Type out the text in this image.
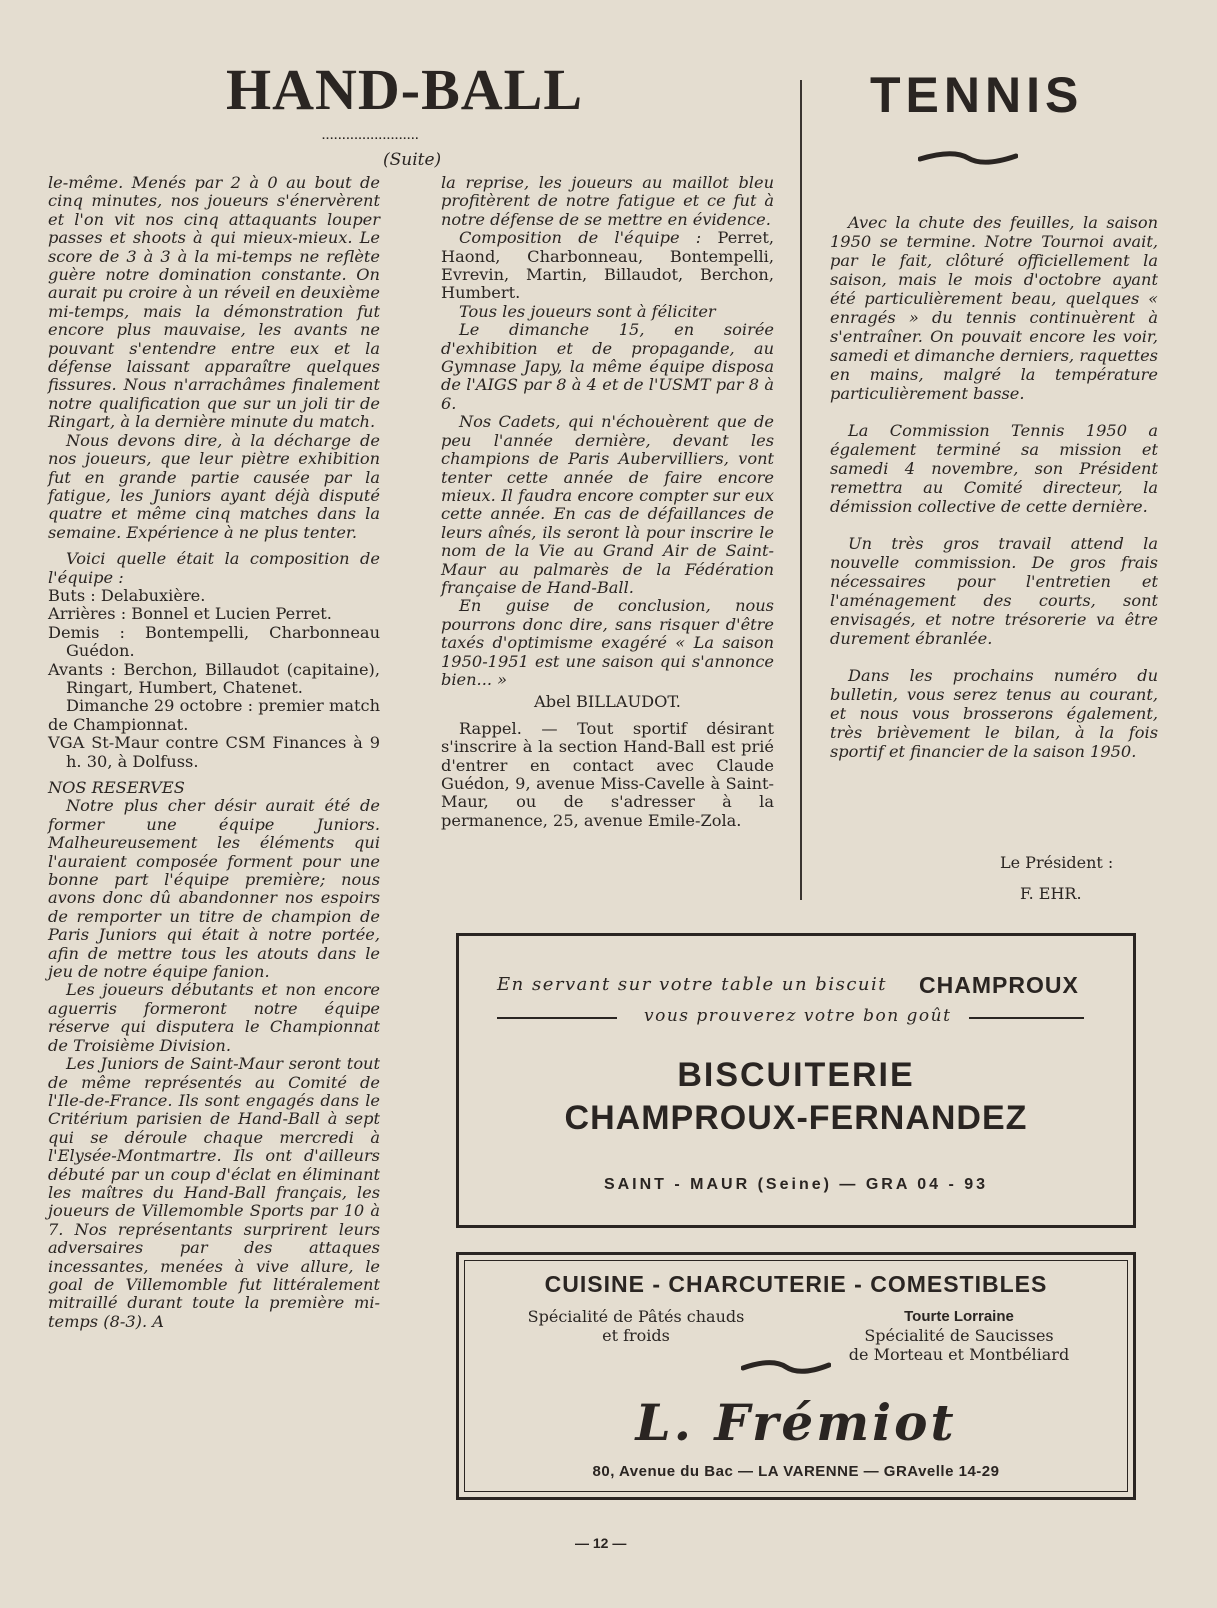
HAND-BALL
........................
(Suite)
TENNIS

le-même. Menés par 2 à 0 au bout de cinq minutes, nos joueurs s'énervèrent et l'on vit nos cinq attaquants louper passes et shoots à qui mieux-mieux. Le score de 3 à 3 à la mi-temps ne reflète guère notre domination constante. On aurait pu croire à un réveil en deuxième mi-temps, mais la démonstration fut encore plus mauvaise, les avants ne pouvant s'entendre entre eux et la défense laissant apparaître quelques fissures. Nous n'arrachâmes finalement notre qualification que sur un joli tir de Ringart, à la dernière minute du match.

Nous devons dire, à la décharge de nos joueurs, que leur piètre exhibition fut en grande partie causée par la fatigue, les Juniors ayant déjà disputé quatre et même cinq matches dans la semaine. Expérience à ne plus tenter.

Voici quelle était la composition de l'équipe :

Buts : Delabuxière.

Arrières : Bonnel et Lucien Perret.

Demis : Bontempelli, Charbonneau Guédon.

Avants : Berchon, Billaudot (capitaine), Ringart, Humbert, Chatenet.

Dimanche 29 octobre : premier match de Championnat.

VGA St-Maur contre CSM Finances à 9 h. 30, à Dolfuss.

NOS RESERVES

Notre plus cher désir aurait été de former une équipe Juniors. Malheureusement les éléments qui l'auraient composée forment pour une bonne part l'équipe première; nous avons donc dû abandonner nos espoirs de remporter un titre de champion de Paris Juniors qui était à notre portée, afin de mettre tous les atouts dans le jeu de notre équipe fanion.

Les joueurs débutants et non encore aguerris formeront notre équipe réserve qui disputera le Championnat de Troisième Division.

Les Juniors de Saint-Maur seront tout de même représentés au Comité de l'Ile-de-France. Ils sont engagés dans le Critérium parisien de Hand-Ball à sept qui se déroule chaque mercredi à l'Elysée-Montmartre. Ils ont d'ailleurs débuté par un coup d'éclat en éliminant les maîtres du Hand-Ball français, les joueurs de Villemomble Sports par 10 à 7. Nos représentants surprirent leurs adversaires par des attaques incessantes, menées à vive allure, le goal de Villemomble fut littéralement mitraillé durant toute la première mi-temps (8-3). A

la reprise, les joueurs au maillot bleu profitèrent de notre fatigue et ce fut à notre défense de se mettre en évidence.

Composition de l'équipe : Perret, Haond, Charbonneau, Bontempelli, Evrevin, Martin, Billaudot, Berchon, Humbert.

Tous les joueurs sont à féliciter

Le dimanche 15, en soirée d'exhibition et de propagande, au Gymnase Japy, la même équipe disposa de l'AIGS par 8 à 4 et de l'USMT par 8 à 6.

Nos Cadets, qui n'échouèrent que de peu l'année dernière, devant les champions de Paris Aubervilliers, vont tenter cette année de faire encore mieux. Il faudra encore compter sur eux cette année. En cas de défaillances de leurs aînés, ils seront là pour inscrire le nom de la Vie au Grand Air de Saint-Maur au palmarès de la Fédération française de Hand-Ball.

En guise de conclusion, nous pourrons donc dire, sans risquer d'être taxés d'optimisme exagéré « La saison 1950-1951 est une saison qui s'annonce bien... »

Abel BILLAUDOT.

Rappel. — Tout sportif désirant s'inscrire à la section Hand-Ball est prié d'entrer en contact avec Claude Guédon, 9, avenue Miss-Cavelle à Saint-Maur, ou de s'adresser à la permanence, 25, avenue Emile-Zola.

Avec la chute des feuilles, la saison 1950 se termine. Notre Tournoi avait, par le fait, clôturé officiellement la saison, mais le mois d'octobre ayant été particulièrement beau, quelques « enragés » du tennis continuèrent à s'entraîner. On pouvait encore les voir, samedi et dimanche derniers, raquettes en mains, malgré la température particulièrement basse.

La Commission Tennis 1950 a également terminé sa mission et samedi 4 novembre, son Président remettra au Comité directeur, la démission collective de cette dernière.

Un très gros travail attend la nouvelle commission. De gros frais nécessaires pour l'entretien et l'aménagement des courts, sont envisagés, et notre trésorerie va être durement ébranlée.

Dans les prochains numéro du bulletin, vous serez tenus au courant, et nous vous brosserons également, très brièvement le bilan, à la fois sportif et financier de la saison 1950.

Le Président :
F. EHR.
En servant sur votre table un biscuit CHAMPROUX
vous prouverez votre bon goût
BISCUITERIE
CHAMPROUX-FERNANDEZ
SAINT - MAUR (Seine) — GRA 04 - 93
CUISINE - CHARCUTERIE - COMESTIBLES
Spécialité de Pâtés chauds
et froids
Tourte Lorraine
Spécialité de Saucisses
de Morteau et Montbéliard
L. Frémiot
80, Avenue du Bac — LA VARENNE — GRAvelle 14-29
— 12 —
